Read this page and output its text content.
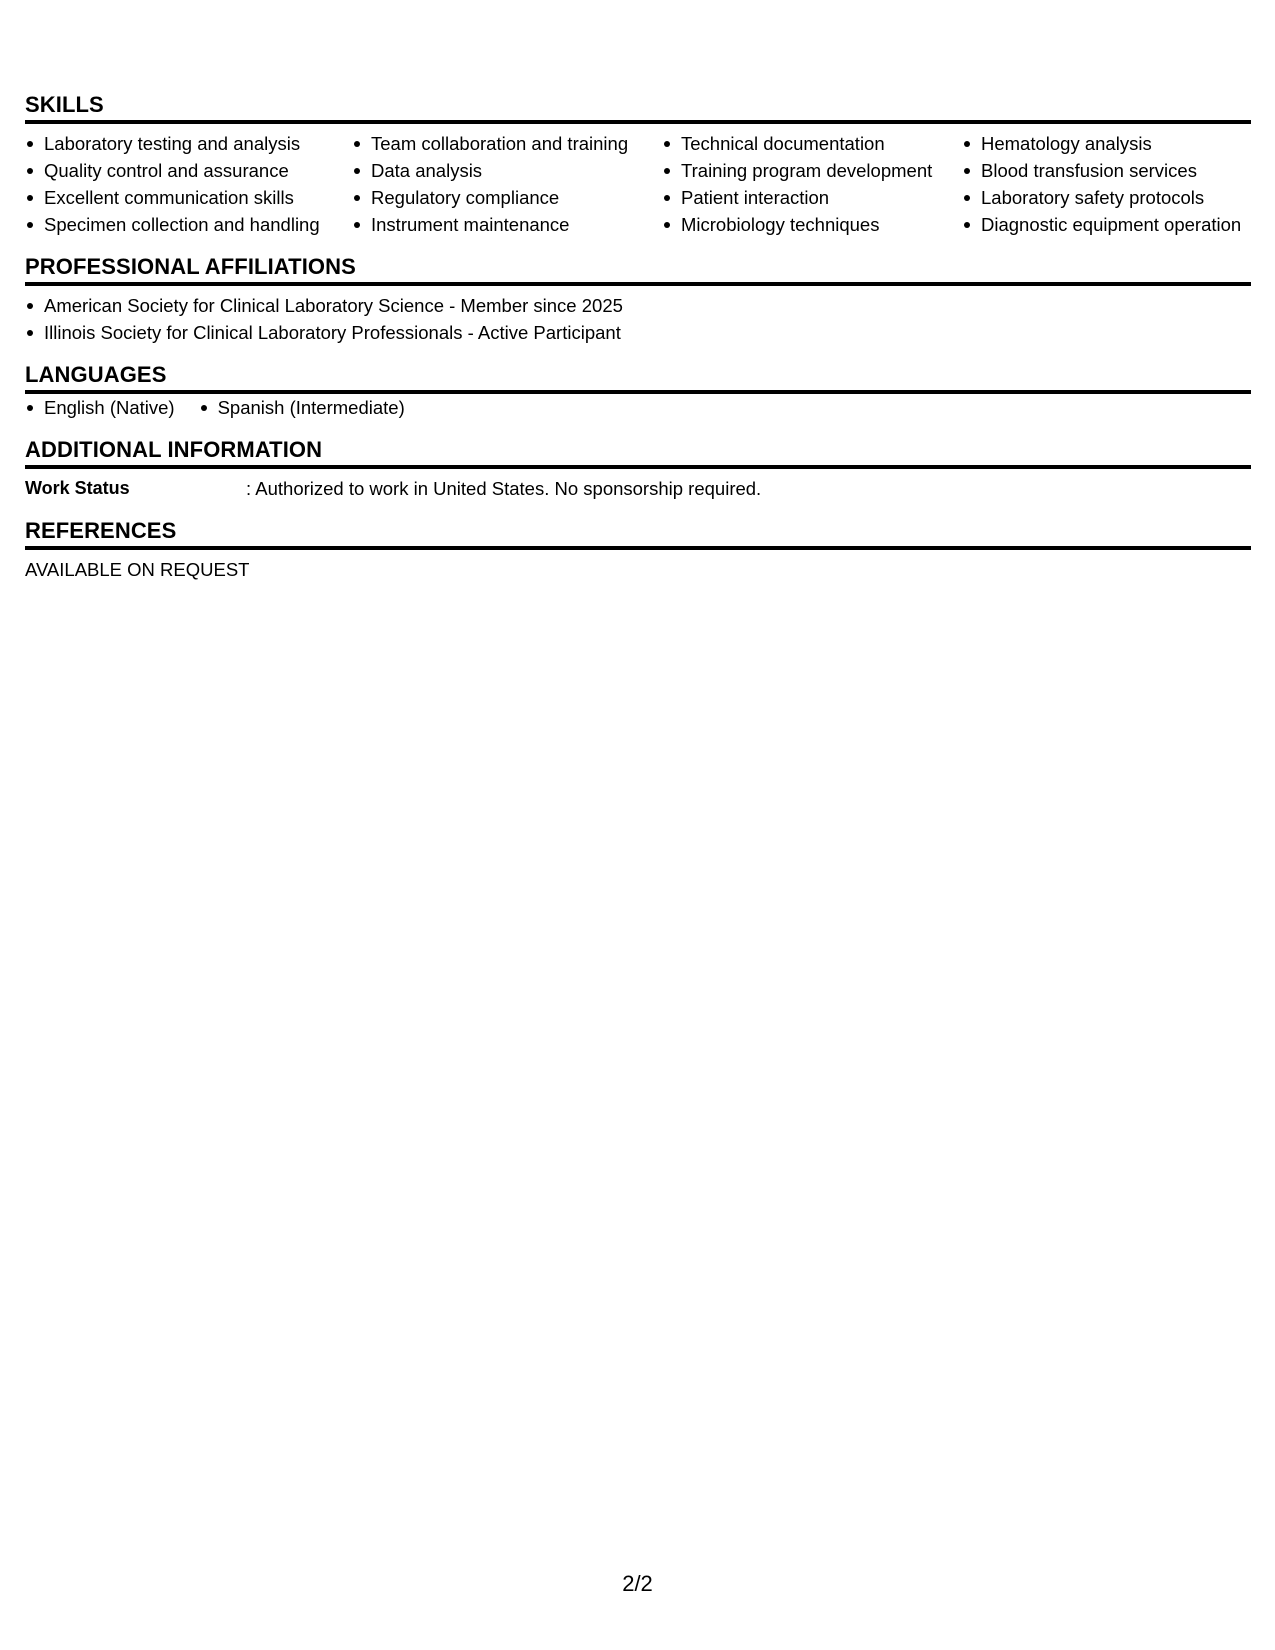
SKILLS
Laboratory testing and analysis
Quality control and assurance
Excellent communication skills
Specimen collection and handling
Team collaboration and training
Data analysis
Regulatory compliance
Instrument maintenance
Technical documentation
Training program development
Patient interaction
Microbiology techniques
Hematology analysis
Blood transfusion services
Laboratory safety protocols
Diagnostic equipment operation
PROFESSIONAL AFFILIATIONS
American Society for Clinical Laboratory Science - Member since 2025
Illinois Society for Clinical Laboratory Professionals - Active Participant
LANGUAGES
English (Native)	Spanish (Intermediate)
ADDITIONAL INFORMATION
Work Status	: Authorized to work in United States. No sponsorship required.
REFERENCES
AVAILABLE ON REQUEST
2/2
